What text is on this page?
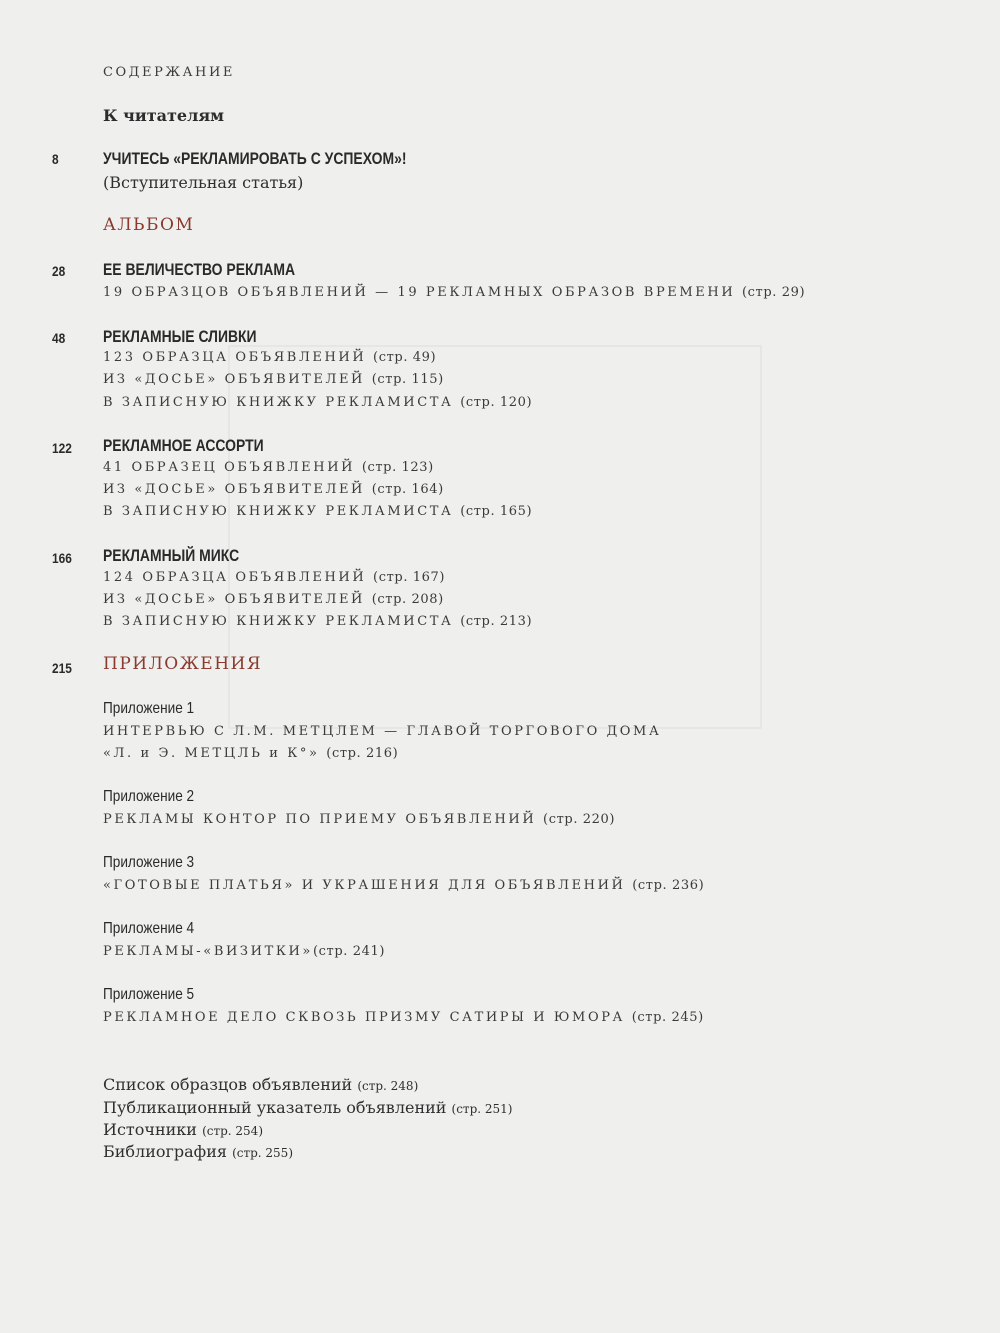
СОДЕРЖАНИЕ
К читателям
8	УЧИТЕСЬ «РЕКЛАМИРОВАТЬ С УСПЕХОМ»!
(Вступительная статья)
АЛЬБОМ
28 ЕЕ ВЕЛИЧЕСТВО РЕКЛАМА
19 ОБРАЗЦОВ ОБЪЯВЛЕНИЙ — 19 РЕКЛАМНЫХ ОБРАЗОВ ВРЕМЕНИ (стр. 29)
48 РЕКЛАМНЫЕ СЛИВКИ
123 ОБРАЗЦА ОБЪЯВЛЕНИЙ (стр. 49)
ИЗ «ДОСЬЕ» ОБЪЯВИТЕЛЕЙ (стр. 115)
В ЗАПИСНУЮ КНИЖКУ РЕКЛАМИСТА (стр. 120)
122 РЕКЛАМНОЕ АССОРТИ
41 ОБРАЗЕЦ ОБЪЯВЛЕНИЙ (стр. 123)
ИЗ «ДОСЬЕ» ОБЪЯВИТЕЛЕЙ (стр. 164)
В ЗАПИСНУЮ КНИЖКУ РЕКЛАМИСТА (стр. 165)
166 РЕКЛАМНЫЙ МИКС
124 ОБРАЗЦА ОБЪЯВЛЕНИЙ (стр. 167)
ИЗ «ДОСЬЕ» ОБЪЯВИТЕЛЕЙ (стр. 208)
В ЗАПИСНУЮ КНИЖКУ РЕКЛАМИСТА (стр. 213)
215 ПРИЛОЖЕНИЯ
Приложение 1
ИНТЕРВЬЮ С Л.М. МЕТЦЛЕМ — ГЛАВОЙ ТОРГОВОГО ДОМА
«Л. и Э. МЕТЦЛЬ и К°» (стр. 216)
Приложение 2
РЕКЛАМЫ КОНТОР ПО ПРИЕМУ ОБЪЯВЛЕНИЙ (стр. 220)
Приложение 3
«ГОТОВЫЕ ПЛАТЬЯ» И УКРАШЕНИЯ ДЛЯ ОБЪЯВЛЕНИЙ (стр. 236)
Приложение 4
РЕКЛАМЫ-«ВИЗИТКИ»(стр. 241)
Приложение 5
РЕКЛАМНОЕ ДЕЛО СКВОЗЬ ПРИЗМУ САТИРЫ И ЮМОРА (стр. 245)
Список образцов объявлений (стр. 248)
Публикационный указатель объявлений (стр. 251)
Источники (стр. 254)
Библиография (стр. 255)
